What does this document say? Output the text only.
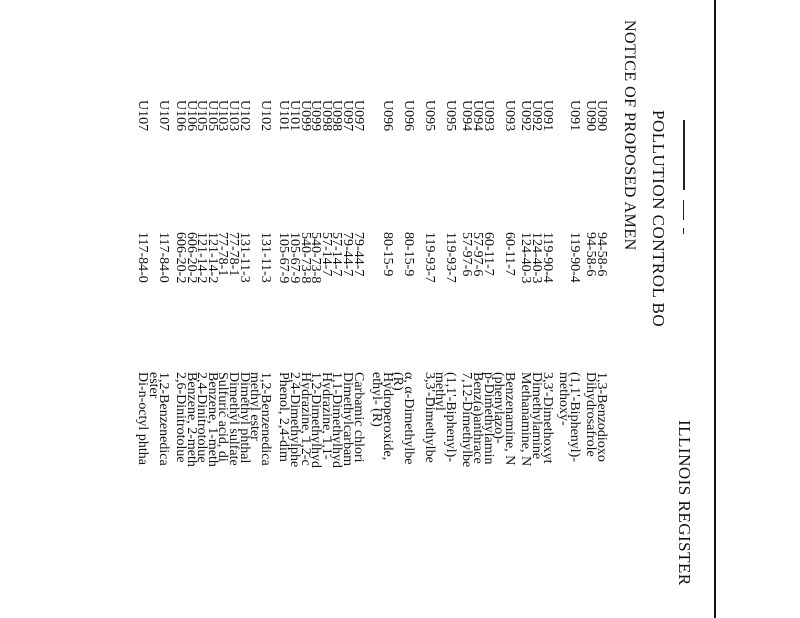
ILLINOIS REGISTER
POLLUTION CONTROL BO
NOTICE OF PROPOSED AMEN
U090
94-58-6
1,3-Benzodioxo
U090
94-58-6
Dihydrosafrole
U091
119-90-4
(1,1'-Biphenyl)-
methoxy-
U091
119-90-4
3,3'-Dimethoxyt
U092
124-40-3
Dimethylamine
U092
124-40-3
Methanamine, N
U093
60-11-7
Benzenamine, N
(phenylazo)-
U093
60-11-7
p-Dimethylamin
U094
57-97-6
Benz(a)anthrace
U094
57-97-6
7,12-Dimethylbe
U095
119-93-7
(1,1'-Biphenyl)-
methyl
U095
119-93-7
3,3'-Dimethylbe
U096
80-15-9
α, α-Dimethylbe
(R)
U096
80-15-9
Hydroperoxide,
ethyl- (R)
U097
79-44-7
Carbamic chlori
U097
79-44-7
Dimethylcarbam
U098
57-14-7
1,1-Dimethylhyd
U098
57-14-7
Hydrazine, 1,1-
U099
540-73-8
1,2-Dimethylhyd
U099
540-73-8
Hydrazine, 1,2-c
U101
105-67-9
2,4-Dimethylphe
U101
105-67-9
Phenol, 2,4-dim
U102
131-11-3
1,2-Benzenedica
methyl ester
U102
131-11-3
Dimethyl phthal
U103
77-78-1
Dimethyl sulfate
U103
77-78-1
Sulfuric acid, di
U105
121-14-2
Benzene, 1-meth
U105
121-14-2
2,4-Dinitrotolue
U106
606-20-2
Benzene, 2-meth
U106
606-20-2
2,6-Dinitrotolue
U107
117-84-0
1,2-Benzenedica
ester
U107
117-84-0
Di-n-octyl phtha
